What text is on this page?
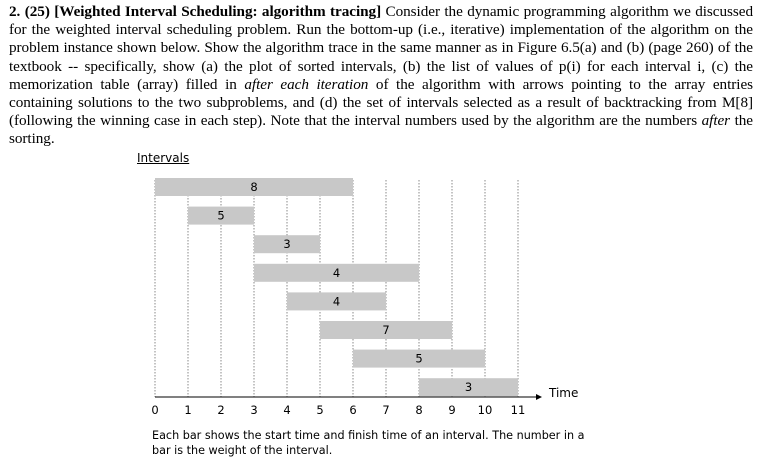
2. (25) [Weighted Interval Scheduling: algorithm tracing] Consider the dynamic programming algorithm we discussed for the weighted interval scheduling problem. Run the bottom-up (i.e., iterative) implementation of the algorithm on the problem instance shown below. Show the algorithm trace in the same manner as in Figure 6.5(a) and (b) (page 260) of the textbook -- specifically, show (a) the plot of sorted intervals, (b) the list of values of p(i) for each interval i, (c) the memorization table (array) filled in after each iteration of the algorithm with arrows pointing to the array entries containing solutions to the two subproblems, and (d) the set of intervals selected as a result of backtracking from M[8] (following the winning case in each step). Note that the interval numbers used by the algorithm are the numbers after the sorting.
Intervals
8
5
3
4
4
7
5
3	Time
0 1 2 3 4 5 6 7 8 9 10 11
Each bar shows the start time and finish time of an interval. The number in a bar is the weight of the interval.
